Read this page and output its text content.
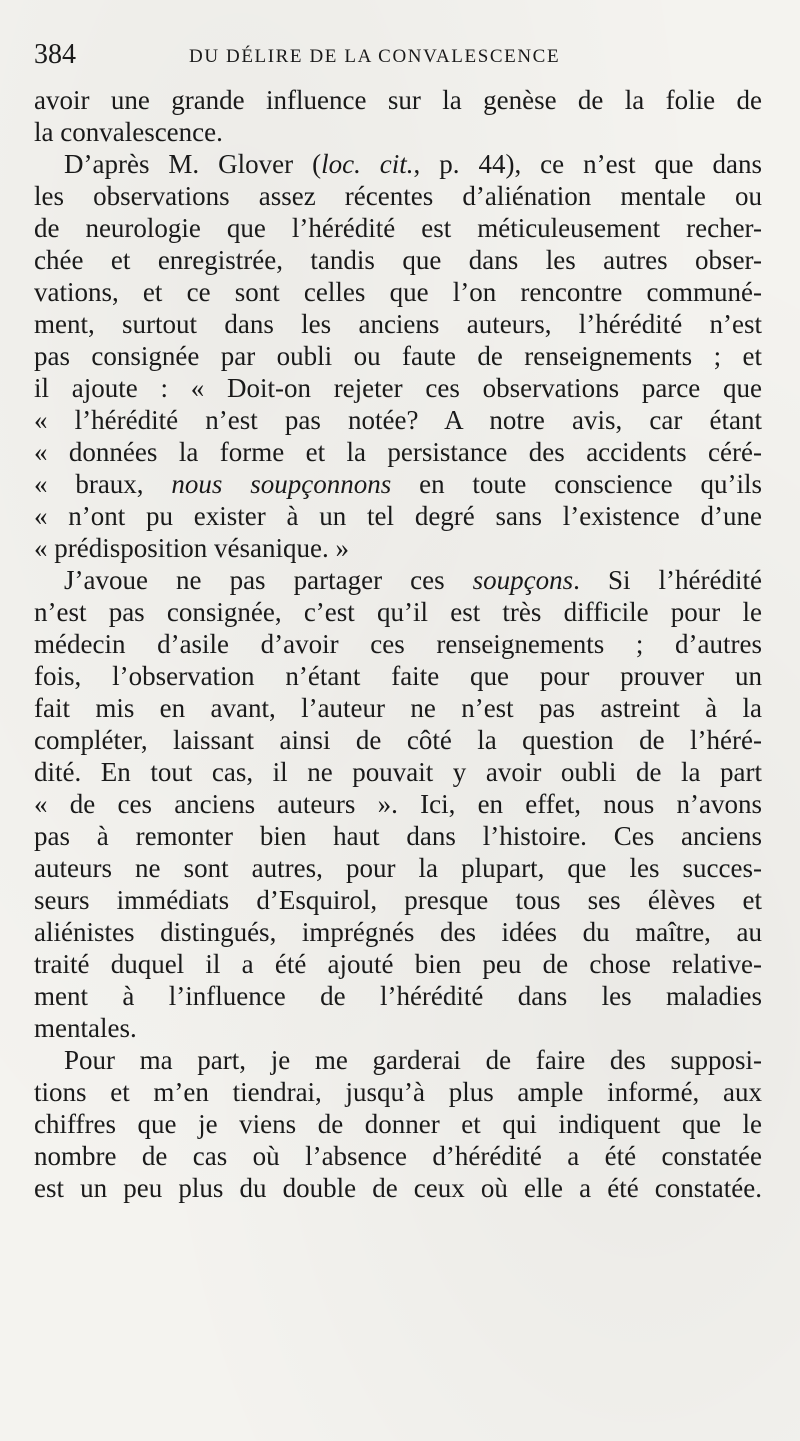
384	DU DÉLIRE DE LA CONVALESCENCE
avoir une grande influence sur la genèse de la folie de
la convalescence.
D’après M. Glover (loc. cit., p. 44), ce n’est que dans
les observations assez récentes d’aliénation mentale ou
de neurologie que l’hérédité est méticuleusement recher-
chée et enregistrée, tandis que dans les autres obser-
vations, et ce sont celles que l’on rencontre communé-
ment, surtout dans les anciens auteurs, l’hérédité n’est
pas consignée par oubli ou faute de renseignements ; et
il ajoute : « Doit-on rejeter ces observations parce que
« l’hérédité n’est pas notée? A notre avis, car étant
« données la forme et la persistance des accidents céré-
« braux, nous soupçonnons en toute conscience qu’ils
« n’ont pu exister à un tel degré sans l’existence d’une
« prédisposition vésanique. »
J’avoue ne pas partager ces soupçons. Si l’hérédité
n’est pas consignée, c’est qu’il est très difficile pour le
médecin d’asile d’avoir ces renseignements ; d’autres
fois, l’observation n’étant faite que pour prouver un
fait mis en avant, l’auteur ne n’est pas astreint à la
compléter, laissant ainsi de côté la question de l’héré-
dité. En tout cas, il ne pouvait y avoir oubli de la part
« de ces anciens auteurs ». Ici, en effet, nous n’avons
pas à remonter bien haut dans l’histoire. Ces anciens
auteurs ne sont autres, pour la plupart, que les succes-
seurs immédiats d’Esquirol, presque tous ses élèves et
aliénistes distingués, imprégnés des idées du maître, au
traité duquel il a été ajouté bien peu de chose relative-
ment à l’influence de l’hérédité dans les maladies
mentales.
Pour ma part, je me garderai de faire des supposi-
tions et m’en tiendrai, jusqu’à plus ample informé, aux
chiffres que je viens de donner et qui indiquent que le
nombre de cas où l’absence d’hérédité a été constatée
est un peu plus du double de ceux où elle a été constatée.
